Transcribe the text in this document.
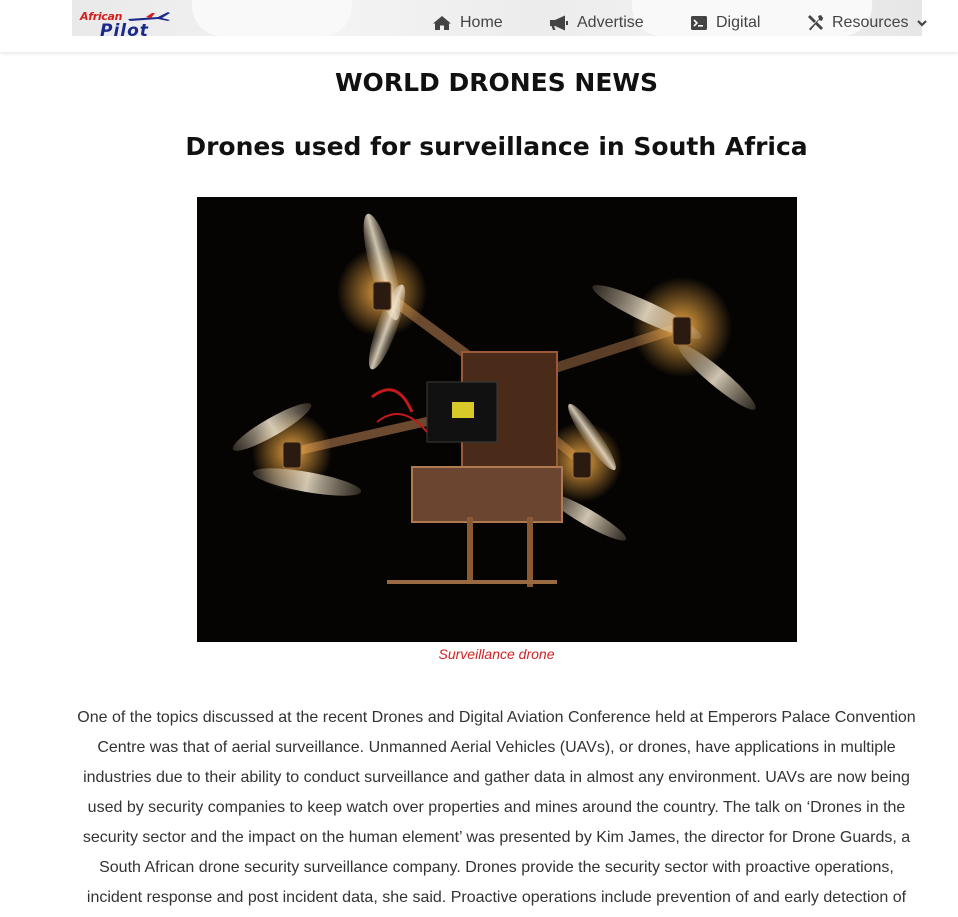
African
Pilot	Home	Advertise	Digital	Resources
WORLD DRONES NEWS
Drones used for surveillance in South Africa
Surveillance drone

One of the topics discussed at the recent Drones and Digital Aviation Conference held at Emperors Palace Convention Centre was that of aerial surveillance. Unmanned Aerial Vehicles (UAVs), or drones, have applications in multiple industries due to their ability to conduct surveillance and gather data in almost any environment. UAVs are now being used by security companies to keep watch over properties and mines around the country. The talk on ‘Drones in the security sector and the impact on the human element’ was presented by Kim James, the director for Drone Guards, a South African drone security surveillance company. Drones provide the security sector with proactive operations, incident response and post incident data, she said. Proactive operations include prevention of and early detection of
